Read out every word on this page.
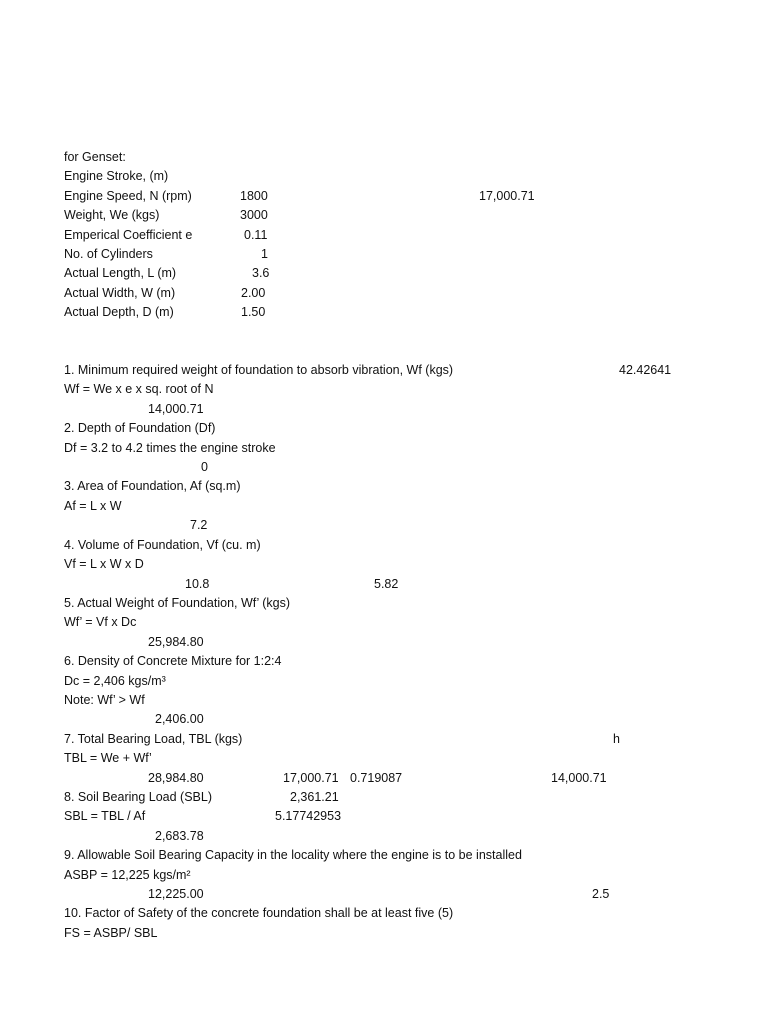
for Genset:
Engine Stroke, (m)
Engine Speed, N (rpm)	1800	17,000.71
Weight, We (kgs)	3000
Emperical Coefficient e	0.11
No. of Cylinders	1
Actual Length, L (m)	3.6
Actual Width, W (m)	2.00
Actual Depth, D (m)	1.50
1. Minimum required weight of foundation to absorb vibration, Wf (kgs)	42.42641
Wf = We x e x sq. root of N
14,000.71
2. Depth of Foundation (Df)
Df = 3.2 to 4.2 times the engine stroke
0
3. Area of Foundation, Af (sq.m)
Af = L x W
7.2
4. Volume of Foundation, Vf (cu. m)
Vf = L x W x D
10.8	5.82
5. Actual Weight of Foundation, Wf’ (kgs)
Wf’ = Vf x Dc
25,984.80
6. Density of Concrete Mixture for 1:2:4
Dc = 2,406 kgs/m³
Note: Wf’ > Wf
2,406.00
7. Total Bearing Load, TBL (kgs)	h
TBL = We + Wf’
28,984.80	17,000.71 0.719087	14,000.71
8. Soil Bearing Load (SBL)	2,361.21
SBL = TBL / Af	5.17742953
2,683.78
9. Allowable Soil Bearing Capacity in the locality where the engine is to be installed
ASBP = 12,225 kgs/m²
12,225.00	2.5
10. Factor of Safety of the concrete foundation shall be at least five (5)
FS = ASBP/ SBL
